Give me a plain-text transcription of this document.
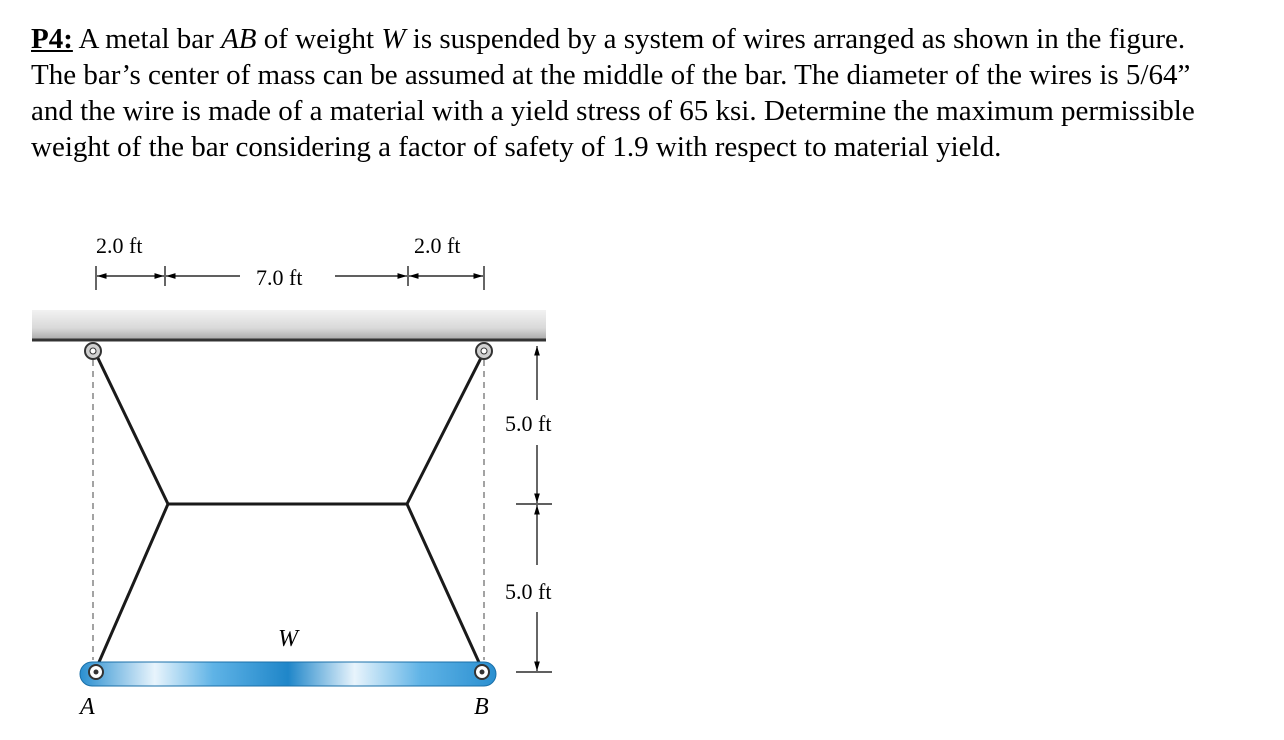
P4: A metal bar AB of weight W is suspended by a system of wires arranged as shown in the figure. The bar’s center of mass can be assumed at the middle of the bar. The diameter of the wires is 5/64” and the wire is made of a material with a yield stress of 65 ksi. Determine the maximum permissible weight of the bar considering a factor of safety of 1.9 with respect to material yield.

2.0 ft
7.0 ft
2.0 ft
5.0 ft
5.0 ft
W
A	B
